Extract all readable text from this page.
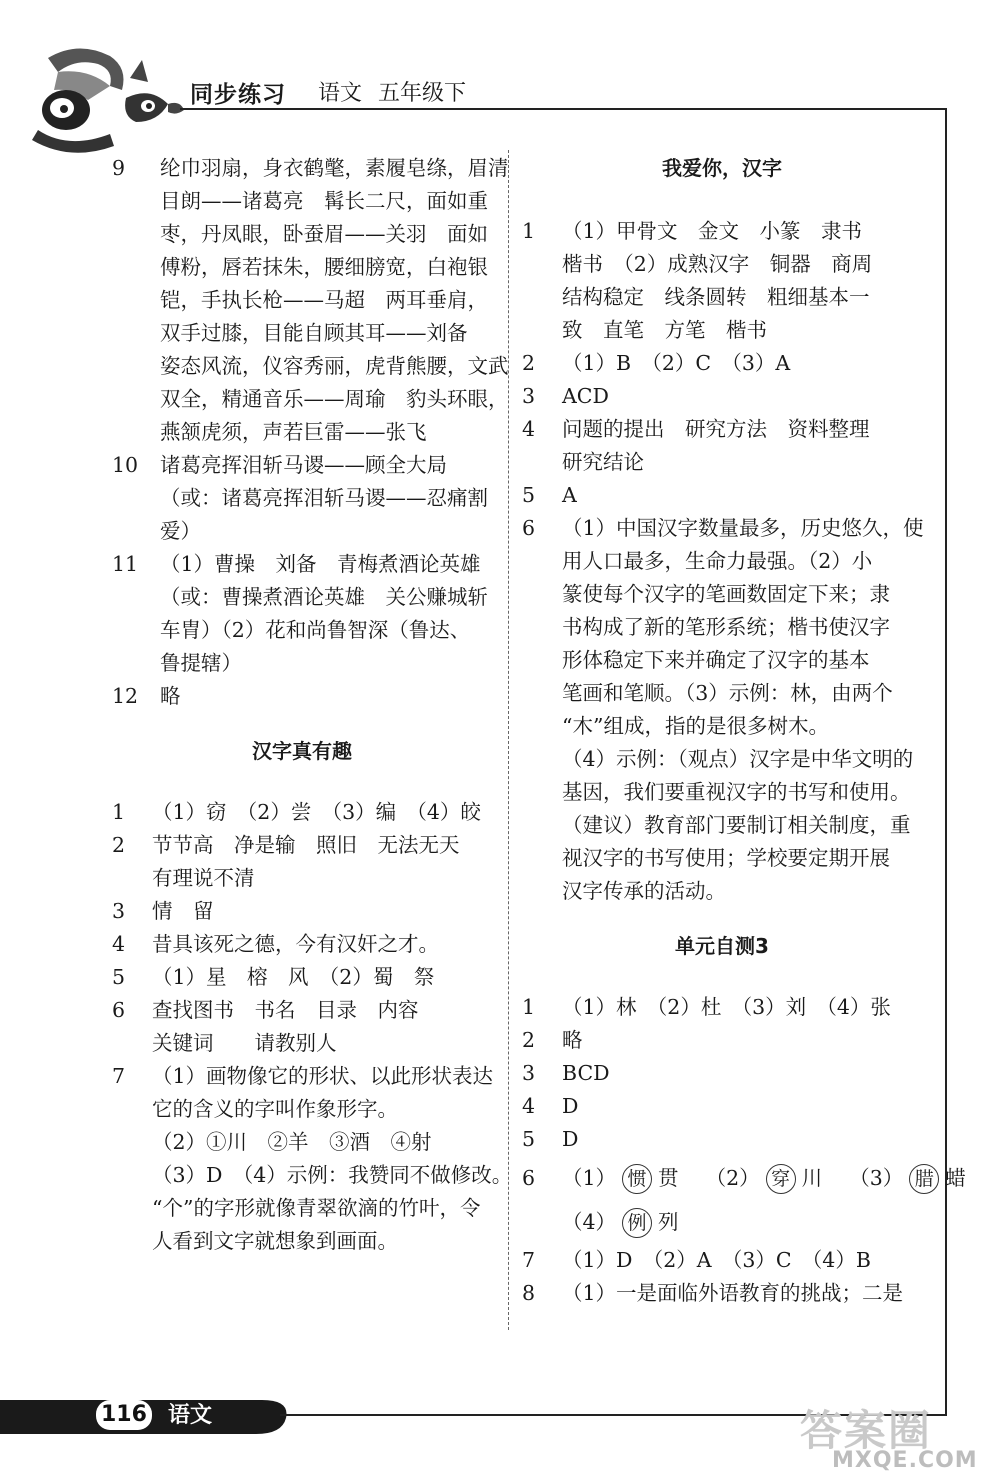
同步练习 语文 五年级下
9	纶巾羽扇，身衣鹤氅，素履皂绦，眉清
目朗——诸葛亮　髯长二尺，面如重
枣，丹凤眼，卧蚕眉——关羽　面如
傅粉，唇若抹朱，腰细膀宽，白袍银
铠，手执长枪——马超　两耳垂肩，
双手过膝，目能自顾其耳——刘备
姿态风流，仪容秀丽，虎背熊腰，文武
双全，精通音乐——周瑜　豹头环眼，
燕颔虎须，声若巨雷——张飞
10	诸葛亮挥泪斩马谡——顾全大局
（或：诸葛亮挥泪斩马谡——忍痛割
爱）
11	（1）曹操　刘备　青梅煮酒论英雄
（或：曹操煮酒论英雄　关公赚城斩
车胄）（2）花和尚鲁智深（鲁达、
鲁提辖）
12	略
汉字真有趣
1	（1）窃　（2）尝　（3）编　（4）皎
2	节节高　净是输　照旧　无法无天
有理说不清
3	情　留
4	昔具该死之德，今有汉奸之才。
5	（1）星　榕　风　（2）蜀　祭
6	查找图书　书名　目录　内容
关键词　　请教别人
7	（1）画物像它的形状、以此形状表达
它的含义的字叫作象形字。
（2）①川　②羊　③酒　④射
（3）D　（4）示例：我赞同不做修改。
“个”的字形就像青翠欲滴的竹叶，令
人看到文字就想象到画面。
我爱你，汉字
1	（1）甲骨文　金文　小篆　隶书
楷书　（2）成熟汉字　铜器　商周
结构稳定　线条圆转　粗细基本一
致　直笔　方笔　楷书
2	（1）B　（2）C　（3）A
3	ACD
4	问题的提出　研究方法　资料整理
研究结论
5	A
6	（1）中国汉字数量最多，历史悠久，使
用人口最多，生命力最强。（2）小
篆使每个汉字的笔画数固定下来；隶
书构成了新的笔形系统；楷书使汉字
形体稳定下来并确定了汉字的基本
笔画和笔顺。（3）示例：林，由两个
“木”组成，指的是很多树木。
（4）示例：（观点）汉字是中华文明的
基因，我们要重视汉字的书写和使用。
（建议）教育部门要制订相关制度，重
视汉字的书写使用；学校要定期开展
汉字传承的活动。
单元自测3
1	（1）林　（2）杜　（3）刘　（4）张
2	略
3	BCD
4	D
5	D
6	（1） 惯 贯 （2） 穿 川 （3） 腊 蜡
（4） 例 列
7	（1）D　（2）A　（3）C　（4）B
8	（1）一是面临外语教育的挑战；二是
116 语文	答案圈
MXQE.COM
